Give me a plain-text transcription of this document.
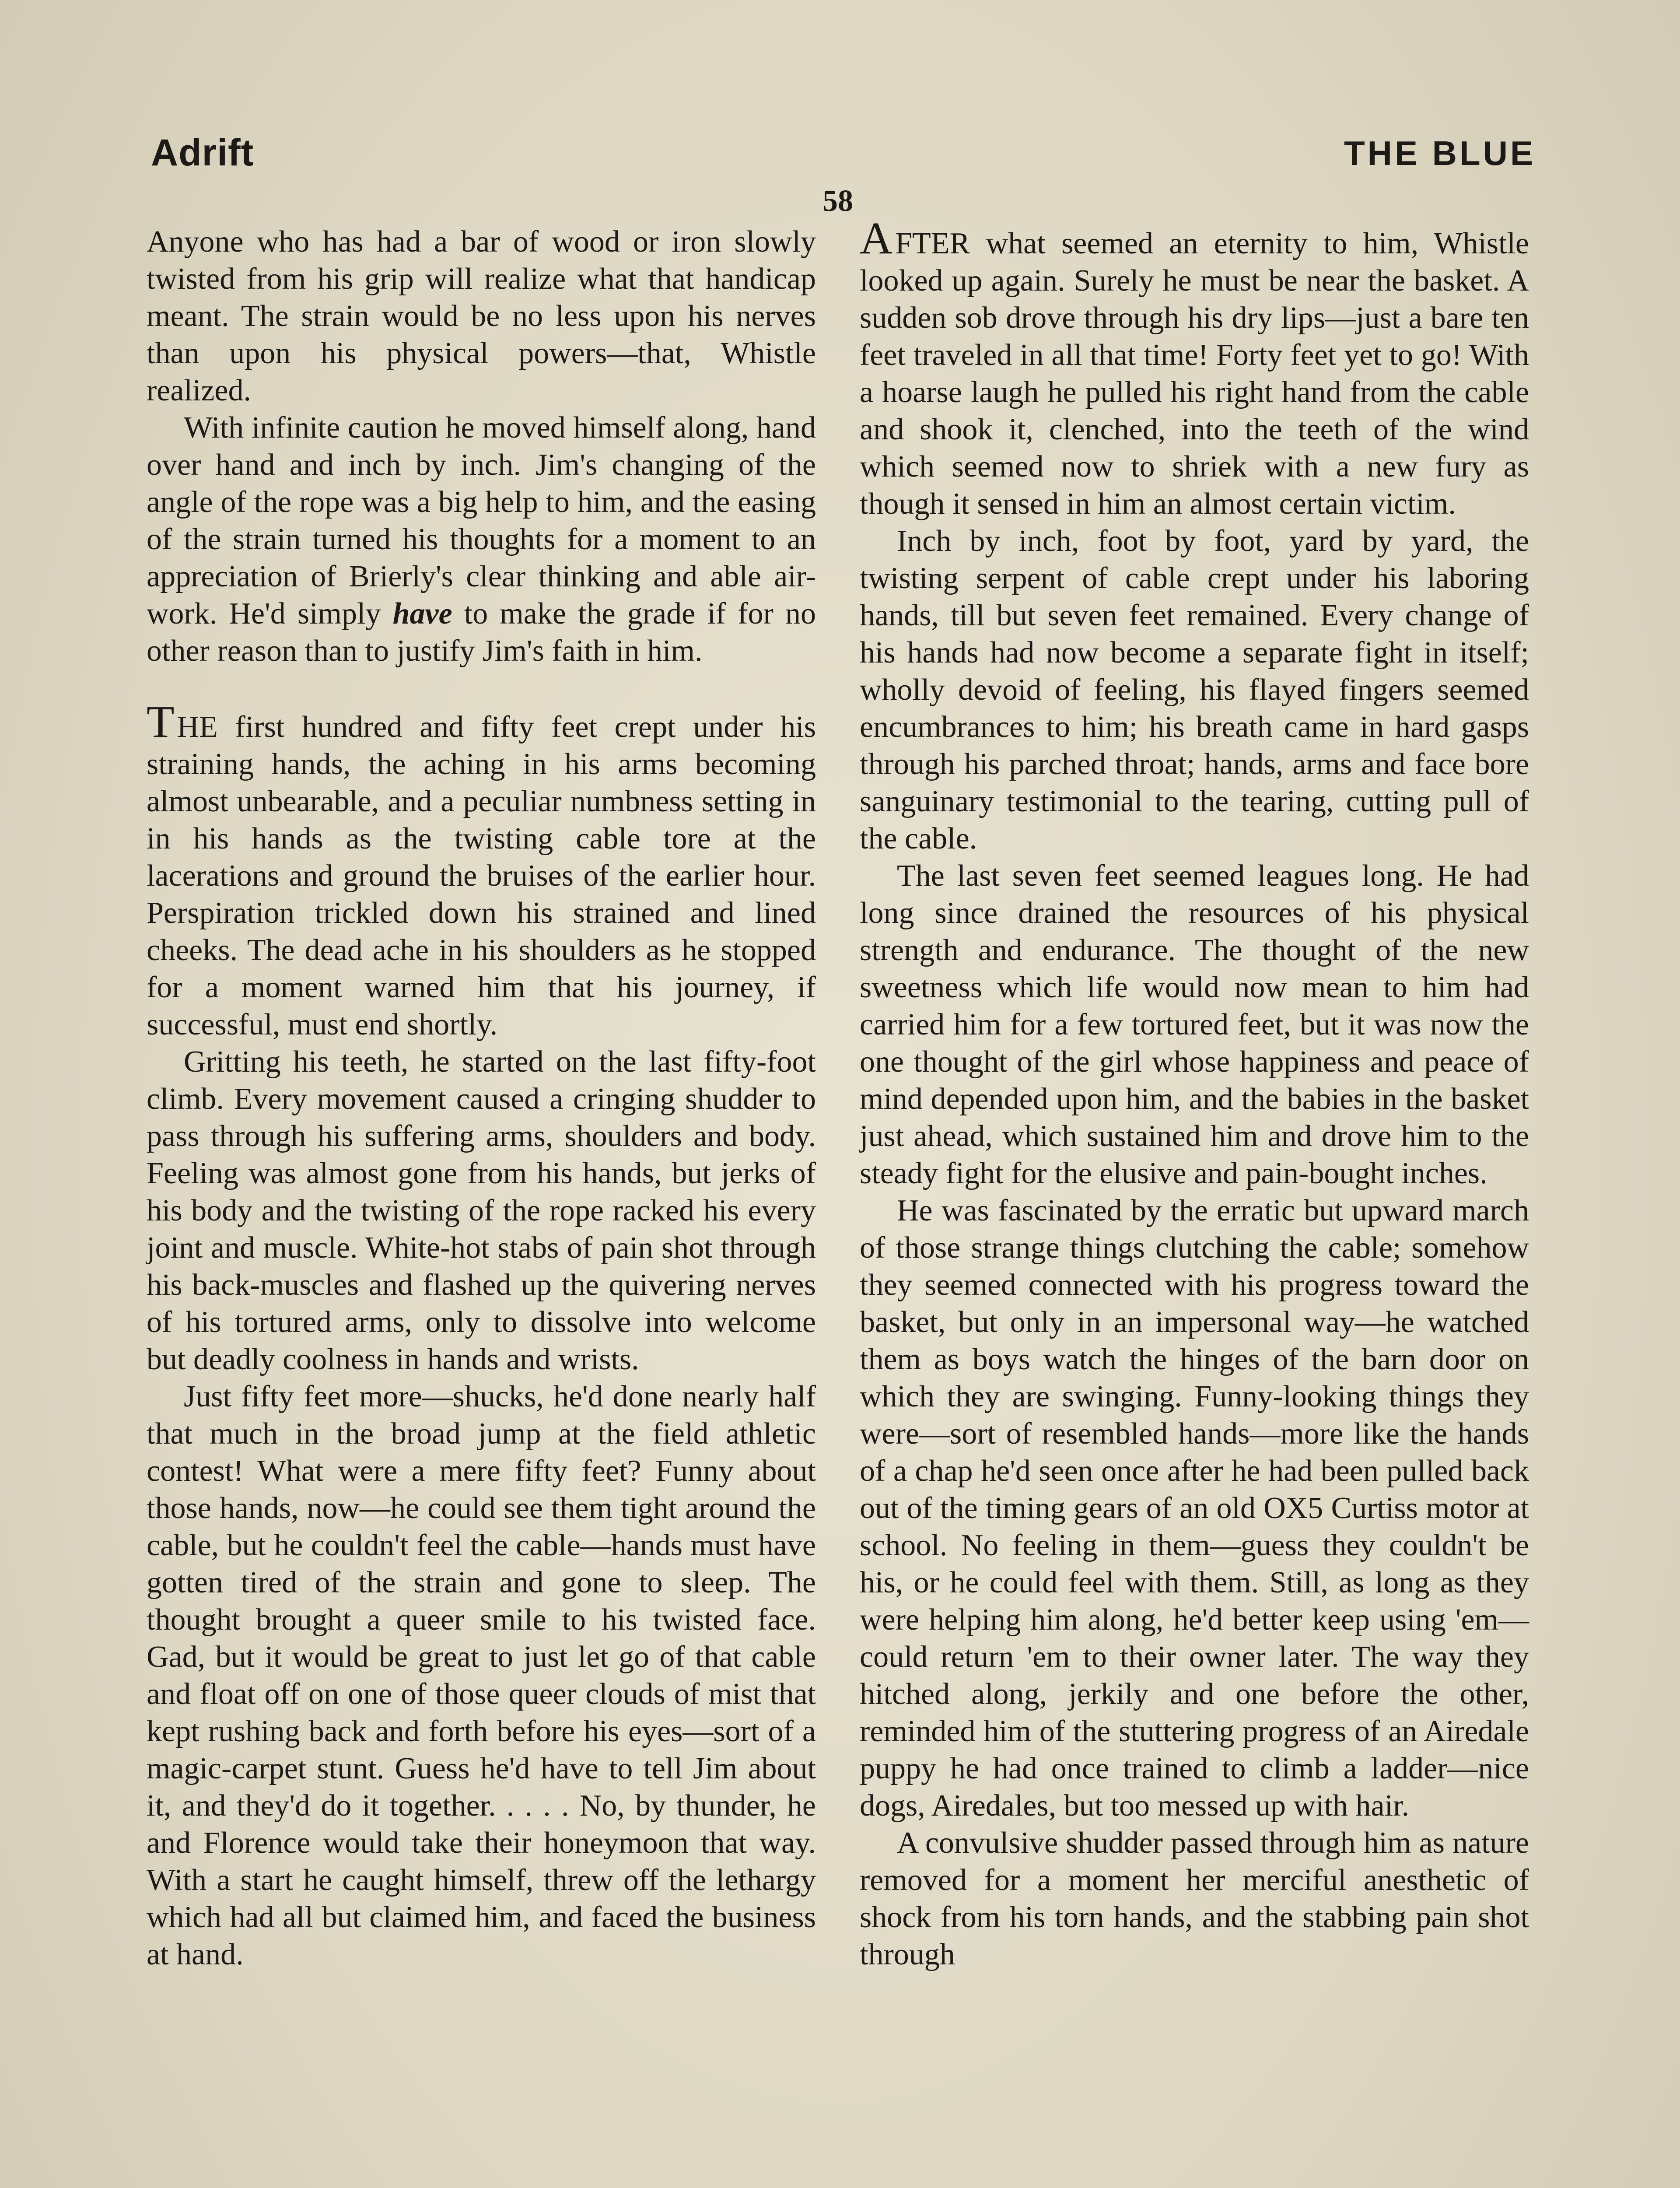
Adrift	THE BLUE
58

Anyone who has had a bar of wood or iron slowly twisted from his grip will realize what that handicap meant. The strain would be no less upon his nerves than upon his physical powers—that, Whistle realized.

With infinite caution he moved himself along, hand over hand and inch by inch. Jim's changing of the angle of the rope was a big help to him, and the easing of the strain turned his thoughts for a moment to an appreciation of Brierly's clear thinking and able air-work. He'd simply have to make the grade if for no other reason than to justify Jim's faith in him.

THE first hundred and fifty feet crept under his straining hands, the aching in his arms becoming almost unbearable, and a peculiar numbness setting in in his hands as the twisting cable tore at the lacerations and ground the bruises of the earlier hour. Perspiration trickled down his strained and lined cheeks. The dead ache in his shoulders as he stopped for a moment warned him that his journey, if successful, must end shortly.

Gritting his teeth, he started on the last fifty-foot climb. Every movement caused a cringing shudder to pass through his suffering arms, shoulders and body. Feeling was almost gone from his hands, but jerks of his body and the twisting of the rope racked his every joint and muscle. White-hot stabs of pain shot through his back-muscles and flashed up the quivering nerves of his tortured arms, only to dissolve into welcome but deadly coolness in hands and wrists.

Just fifty feet more—shucks, he'd done nearly half that much in the broad jump at the field athletic contest! What were a mere fifty feet? Funny about those hands, now—he could see them tight around the cable, but he couldn't feel the cable—hands must have gotten tired of the strain and gone to sleep. The thought brought a queer smile to his twisted face. Gad, but it would be great to just let go of that cable and float off on one of those queer clouds of mist that kept rushing back and forth before his eyes—sort of a magic-carpet stunt. Guess he'd have to tell Jim about it, and they'd do it together. . . . . No, by thunder, he and Florence would take their honeymoon that way. With a start he caught himself, threw off the lethargy which had all but claimed him, and faced the business at hand.

AFTER what seemed an eternity to him, Whistle looked up again. Surely he must be near the basket. A sudden sob drove through his dry lips—just a bare ten feet traveled in all that time! Forty feet yet to go! With a hoarse laugh he pulled his right hand from the cable and shook it, clenched, into the teeth of the wind which seemed now to shriek with a new fury as though it sensed in him an almost certain victim.

Inch by inch, foot by foot, yard by yard, the twisting serpent of cable crept under his laboring hands, till but seven feet remained. Every change of his hands had now become a separate fight in itself; wholly devoid of feeling, his flayed fingers seemed encumbrances to him; his breath came in hard gasps through his parched throat; hands, arms and face bore sanguinary testimonial to the tearing, cutting pull of the cable.

The last seven feet seemed leagues long. He had long since drained the resources of his physical strength and endurance. The thought of the new sweetness which life would now mean to him had carried him for a few tortured feet, but it was now the one thought of the girl whose happiness and peace of mind depended upon him, and the babies in the basket just ahead, which sustained him and drove him to the steady fight for the elusive and pain-bought inches.

He was fascinated by the erratic but upward march of those strange things clutching the cable; somehow they seemed connected with his progress toward the basket, but only in an impersonal way—he watched them as boys watch the hinges of the barn door on which they are swinging. Funny-looking things they were—sort of resembled hands—more like the hands of a chap he'd seen once after he had been pulled back out of the timing gears of an old OX5 Curtiss motor at school. No feeling in them—guess they couldn't be his, or he could feel with them. Still, as long as they were helping him along, he'd better keep using 'em—could return 'em to their owner later. The way they hitched along, jerkily and one before the other, reminded him of the stuttering progress of an Airedale puppy he had once trained to climb a ladder—nice dogs, Airedales, but too messed up with hair.

A convulsive shudder passed through him as nature removed for a moment her merciful anesthetic of shock from his torn hands, and the stabbing pain shot through
